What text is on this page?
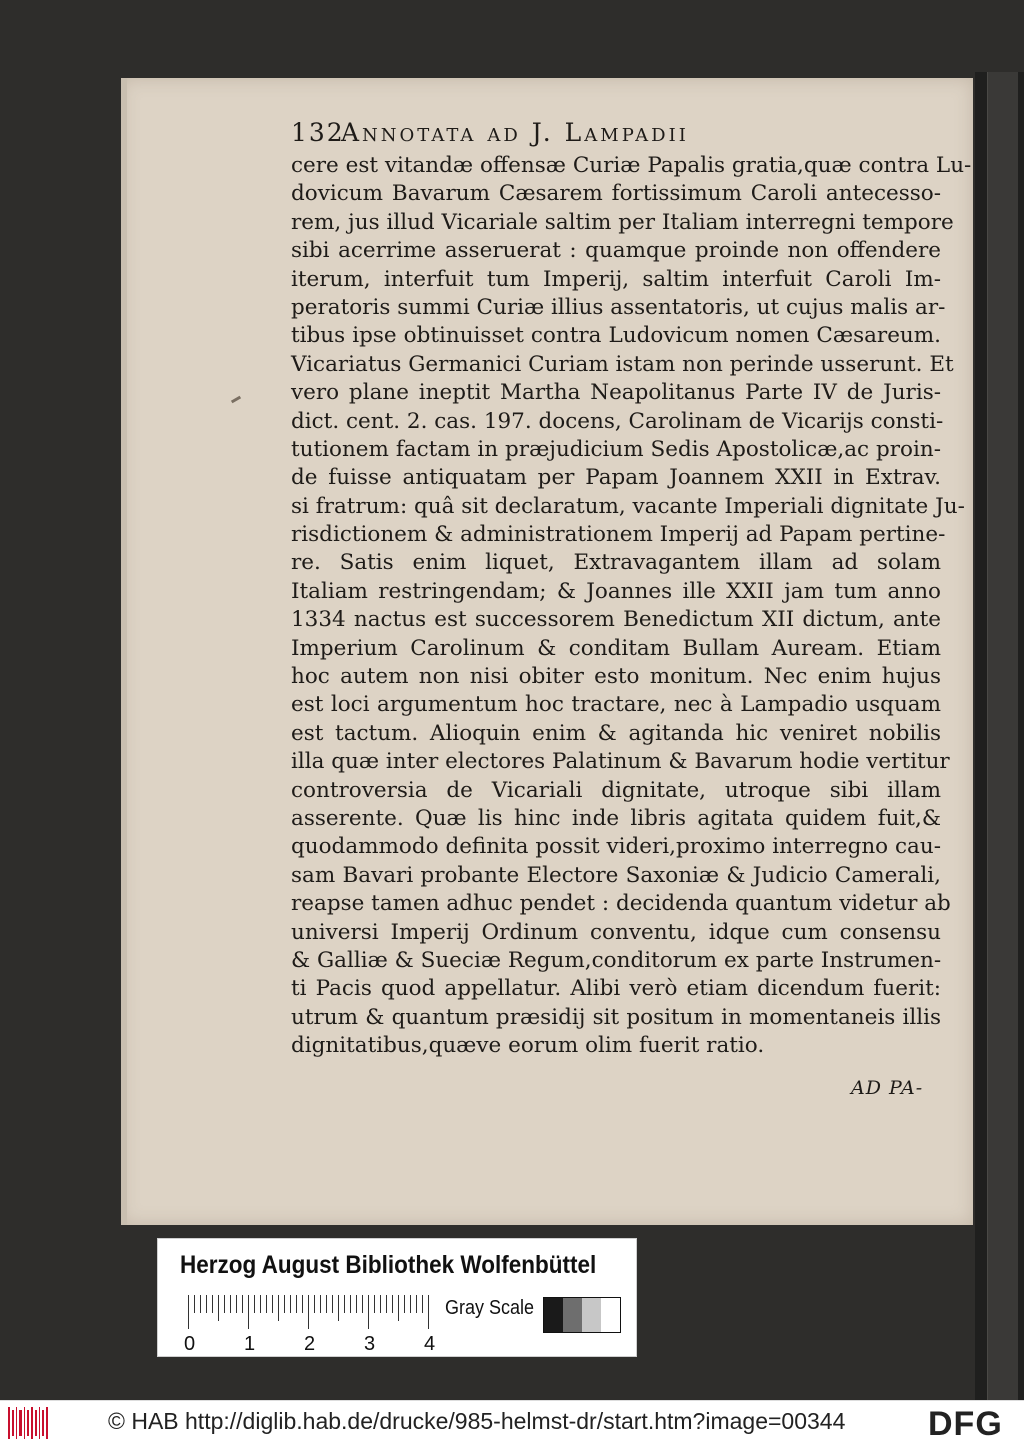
132
Annotata ad J. Lampadii
cere est vitandæ offensæ Curiæ Papalis gratia,quæ contra Lu-
dovicum Bavarum Cæsarem fortissimum Caroli antecesso-
rem, jus illud Vicariale saltim per Italiam interregni tempore
sibi acerrime asseruerat : quamque proinde non offendere
iterum, interfuit tum Imperij, saltim interfuit Caroli Im-
peratoris summi Curiæ illius assentatoris, ut cujus malis ar-
tibus ipse obtinuisset contra Ludovicum nomen Cæsareum.
Vicariatus Germanici Curiam istam non perinde usserunt. Et
vero plane ineptit Martha Neapolitanus Parte IV de Juris-
dict. cent. 2. cas. 197. docens, Carolinam de Vicarijs consti-
tutionem factam in præjudicium Sedis Apostolicæ,ac proin-
de fuisse antiquatam per Papam Joannem XXII in Extrav.
si fratrum: quâ sit declaratum, vacante Imperiali dignitate Ju-
risdictionem & administrationem Imperij ad Papam pertine-
re. Satis enim liquet, Extravagantem illam ad solam
Italiam restringendam; & Joannes ille XXII jam tum anno
1334 nactus est successorem Benedictum XII dictum, ante
Imperium Carolinum & conditam Bullam Auream. Etiam
hoc autem non nisi obiter esto monitum. Nec enim hujus
est loci argumentum hoc tractare, nec à Lampadio usquam
est tactum. Alioquin enim & agitanda hic veniret nobilis
illa quæ inter electores Palatinum & Bavarum hodie vertitur
controversia de Vicariali dignitate, utroque sibi illam
asserente. Quæ lis hinc inde libris agitata quidem fuit,&
quodammodo definita possit videri,proximo interregno cau-
sam Bavari probante Electore Saxoniæ & Judicio Camerali,
reapse tamen adhuc pendet : decidenda quantum videtur ab
universi Imperij Ordinum conventu, idque cum consensu
& Galliæ & Sueciæ Regum,conditorum ex parte Instrumen-
ti Pacis quod appellatur. Alibi verò etiam dicendum fuerit:
utrum & quantum præsidij sit positum in momentaneis illis
dignitatibus,quæve eorum olim fuerit ratio.
AD PA-
Herzog August Bibliothek Wolfenbüttel
0 1 2 3 4
Gray Scale
© HAB http://diglib.hab.de/drucke/985-helmst-dr/start.htm?image=00344 DFG
